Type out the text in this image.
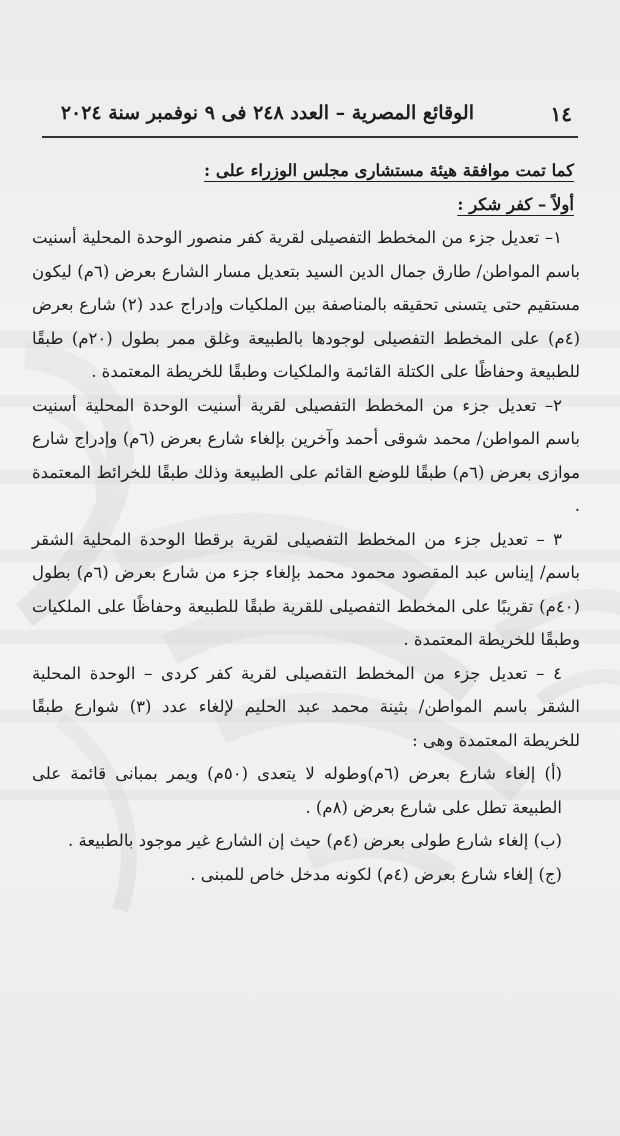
١٤
الوقائع المصرية – العدد ٢٤٨ فى ٩ نوفمبر سنة ٢٠٢٤

كما تمت موافقة هيئة مستشارى مجلس الوزراء على :

أولاً – كفر شكر :

١– تعديل جزء من المخطط التفصيلى لقرية كفر منصور الوحدة المحلية أسنيت باسم المواطن/ طارق جمال الدين السيد بتعديل مسار الشارع بعرض (٦م) ليكون مستقيم حتى يتسنى تحقيقه بالمناصفة بين الملكيات وإدراج عدد (٢) شارع بعرض (٤م) على المخطط التفصيلى لوجودها بالطبيعة وغلق ممر بطول (٢٠م) طبقًا للطبيعة وحفاظًا على الكتلة القائمة والملكيات وطبقًا للخريطة المعتمدة .

٢– تعديل جزء من المخطط التفصيلى لقرية أسنيت الوحدة المحلية أسنيت باسم المواطن/ محمد شوقى أحمد وآخرين بإلغاء شارع بعرض (٦م) وإدراج شارع موازى بعرض (٦م) طبقًا للوضع القائم على الطبيعة وذلك طبقًا للخرائط المعتمدة .

٣ – تعديل جزء من المخطط التفصيلى لقرية برقطا الوحدة المحلية الشقر باسم/ إيناس عبد المقصود محمود محمد بإلغاء جزء من شارع بعرض (٦م) بطول (٤٠م) تقريبًا على المخطط التفصيلى للقرية طبقًا للطبيعة وحفاظًا على الملكيات وطبقًا للخريطة المعتمدة .

٤ – تعديل جزء من المخطط التفصيلى لقرية كفر كردى – الوحدة المحلية الشقر باسم المواطن/ بثينة محمد عبد الحليم لإلغاء عدد (٣) شوارع طبقًا للخريطة المعتمدة وهى :

(أ) إلغاء شارع بعرض (٦م)وطوله لا يتعدى (٥٠م) ويمر بمبانى قائمة على الطبيعة تطل على شارع بعرض (٨م) .

(ب) إلغاء شارع طولى بعرض (٤م) حيث إن الشارع غير موجود بالطبيعة .

(ج) إلغاء شارع بعرض (٤م) لكونه مدخل خاص للمبنى .
